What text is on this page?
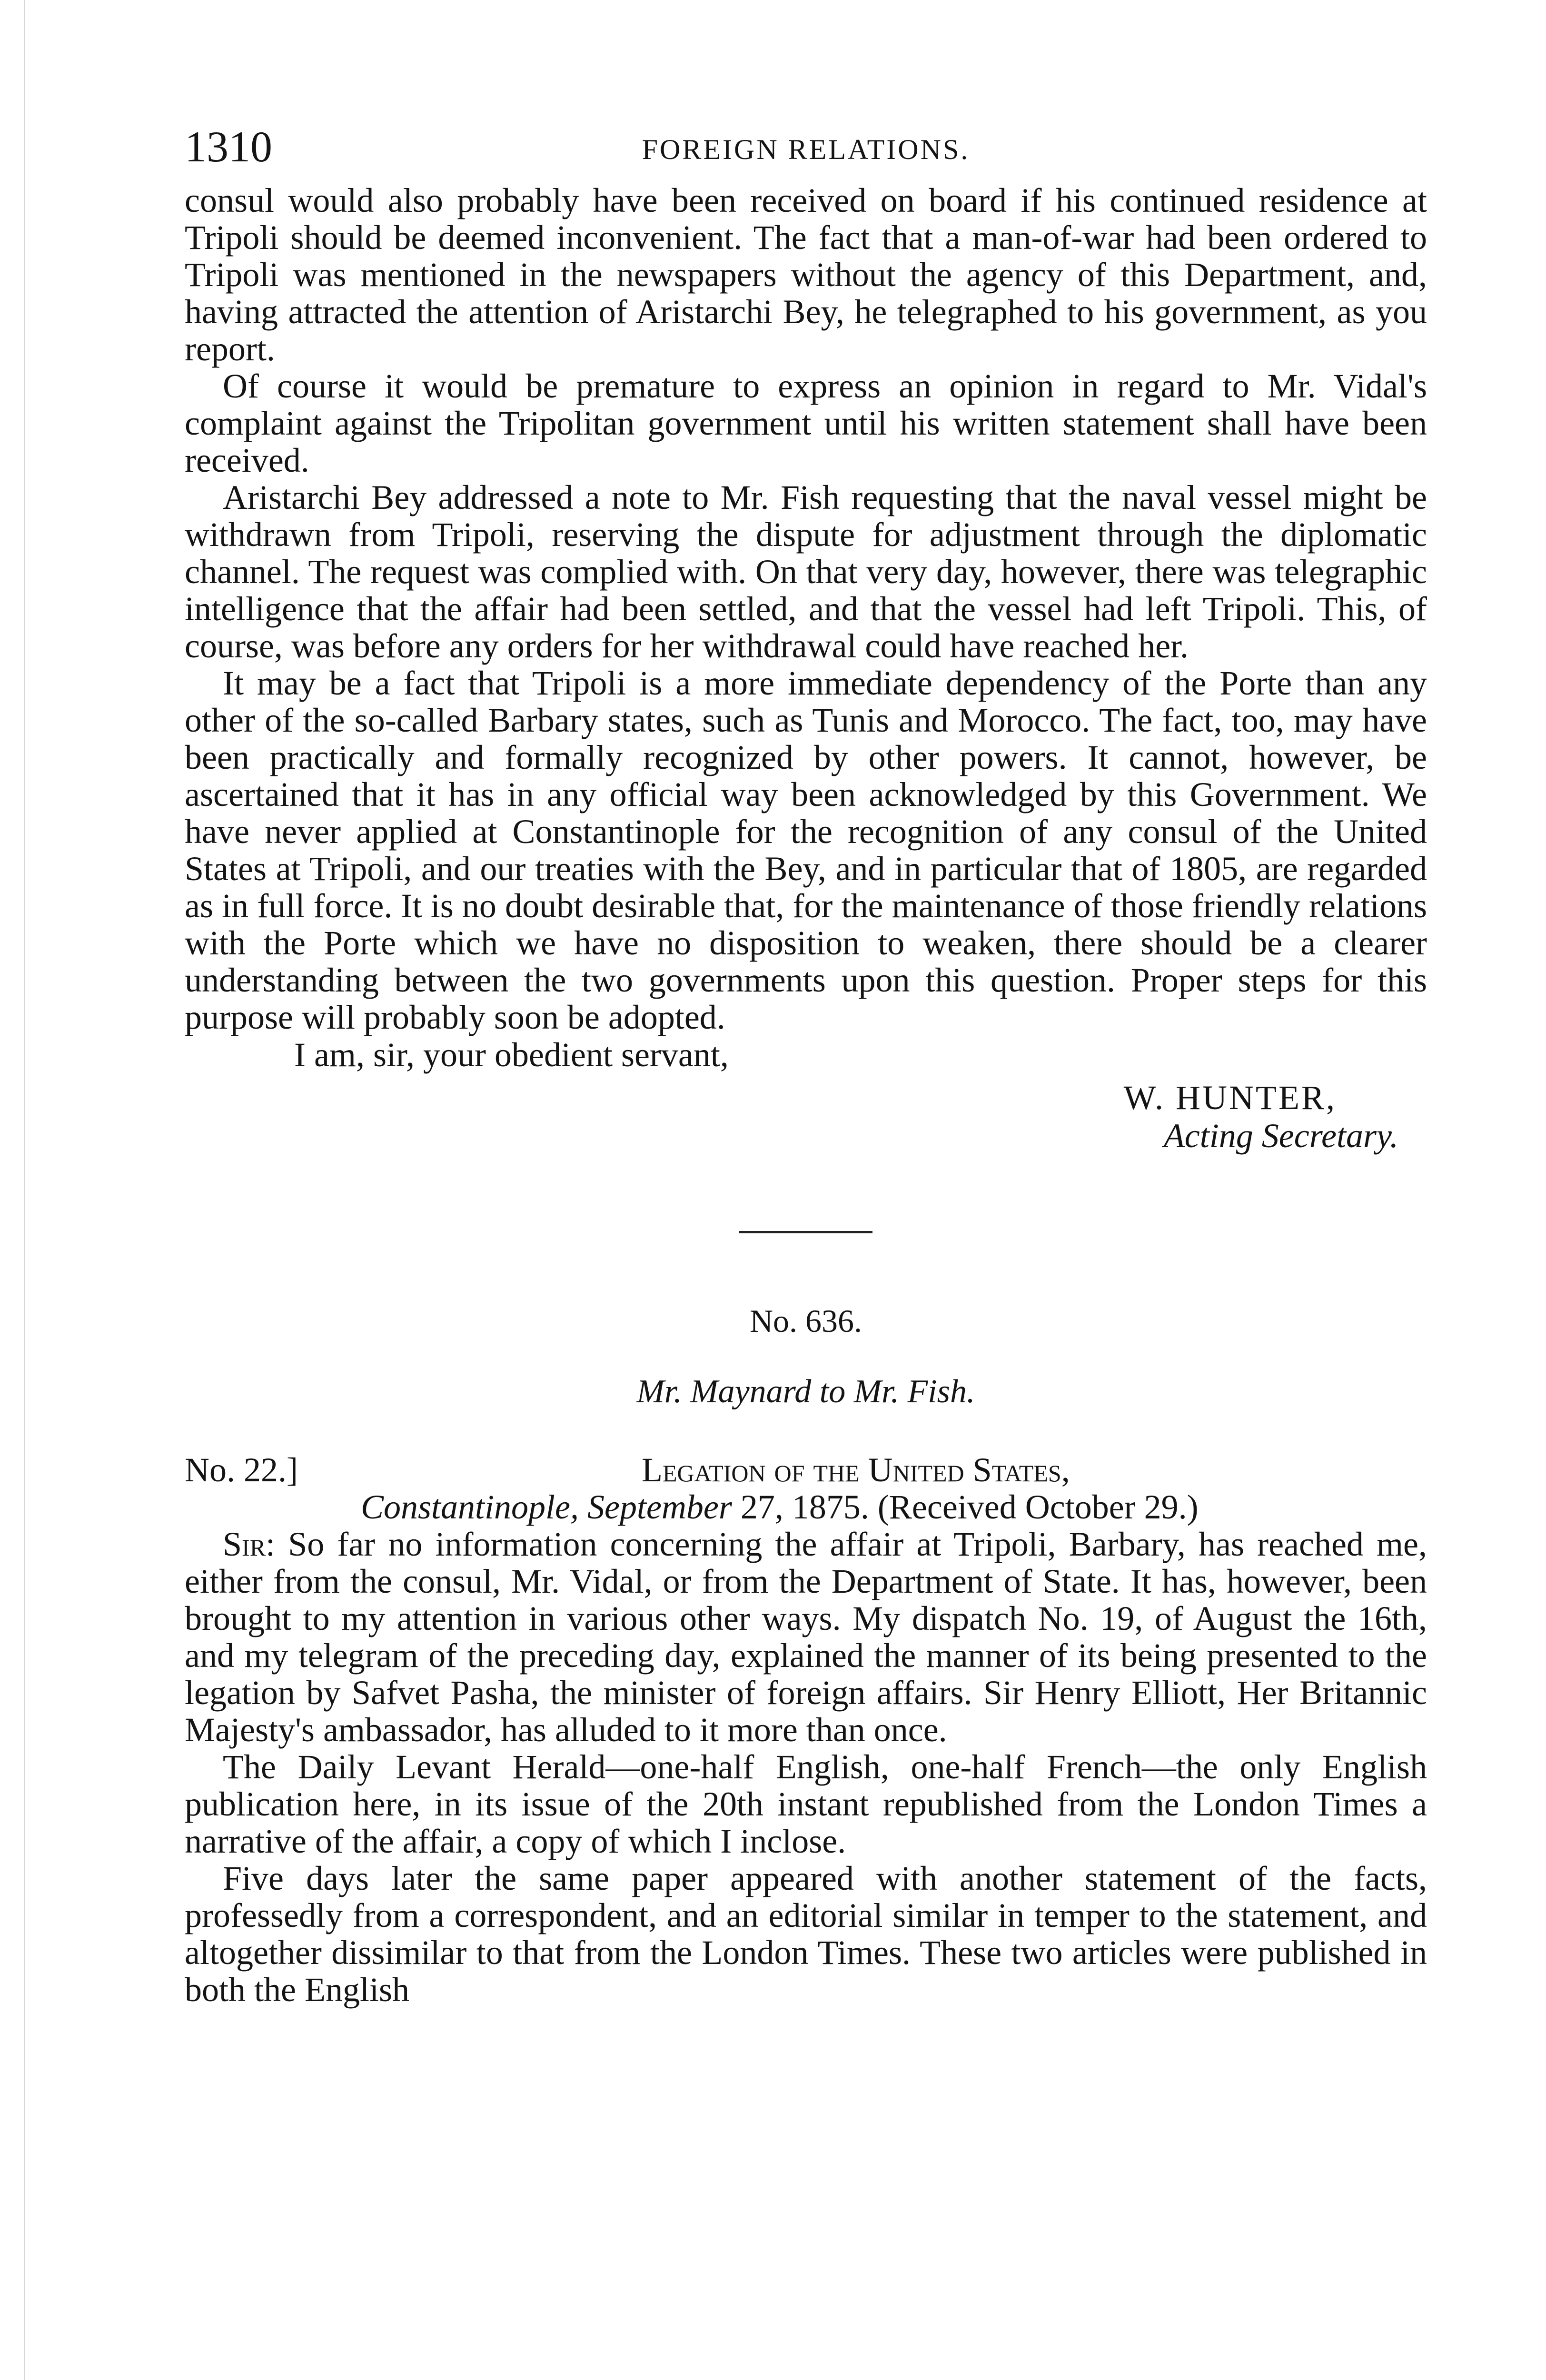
1310	FOREIGN RELATIONS.

consul would also probably have been received on board if his continued residence at Tripoli should be deemed inconvenient. The fact that a man-of-war had been ordered to Tripoli was mentioned in the newspapers without the agency of this Department, and, having attracted the attention of Aristarchi Bey, he telegraphed to his government, as you report.

Of course it would be premature to express an opinion in regard to Mr. Vidal's complaint against the Tripolitan government until his written statement shall have been received.

Aristarchi Bey addressed a note to Mr. Fish requesting that the naval vessel might be withdrawn from Tripoli, reserving the dispute for adjustment through the diplomatic channel. The request was complied with. On that very day, however, there was telegraphic intelligence that the affair had been settled, and that the vessel had left Tripoli. This, of course, was before any orders for her withdrawal could have reached her.

It may be a fact that Tripoli is a more immediate dependency of the Porte than any other of the so-called Barbary states, such as Tunis and Morocco. The fact, too, may have been practically and formally recognized by other powers. It cannot, however, be ascertained that it has in any official way been acknowledged by this Government. We have never applied at Constantinople for the recognition of any consul of the United States at Tripoli, and our treaties with the Bey, and in particular that of 1805, are regarded as in full force. It is no doubt desirable that, for the maintenance of those friendly relations with the Porte which we have no disposition to weaken, there should be a clearer understanding between the two governments upon this question. Proper steps for this purpose will probably soon be adopted.

I am, sir, your obedient servant,
W. HUNTER,
Acting Secretary.
No. 636.
Mr. Maynard to Mr. Fish.
No. 22.]	Legation of the United States,
Constantinople, September 27, 1875. (Received October 29.)

Sir: So far no information concerning the affair at Tripoli, Barbary, has reached me, either from the consul, Mr. Vidal, or from the Department of State. It has, however, been brought to my attention in various other ways. My dispatch No. 19, of August the 16th, and my telegram of the preceding day, explained the manner of its being presented to the legation by Safvet Pasha, the minister of foreign affairs. Sir Henry Elliott, Her Britannic Majesty's ambassador, has alluded to it more than once.

The Daily Levant Herald—one-half English, one-half French—the only English publication here, in its issue of the 20th instant republished from the London Times a narrative of the affair, a copy of which I inclose.

Five days later the same paper appeared with another statement of the facts, professedly from a correspondent, and an editorial similar in temper to the statement, and altogether dissimilar to that from the London Times. These two articles were published in both the English
